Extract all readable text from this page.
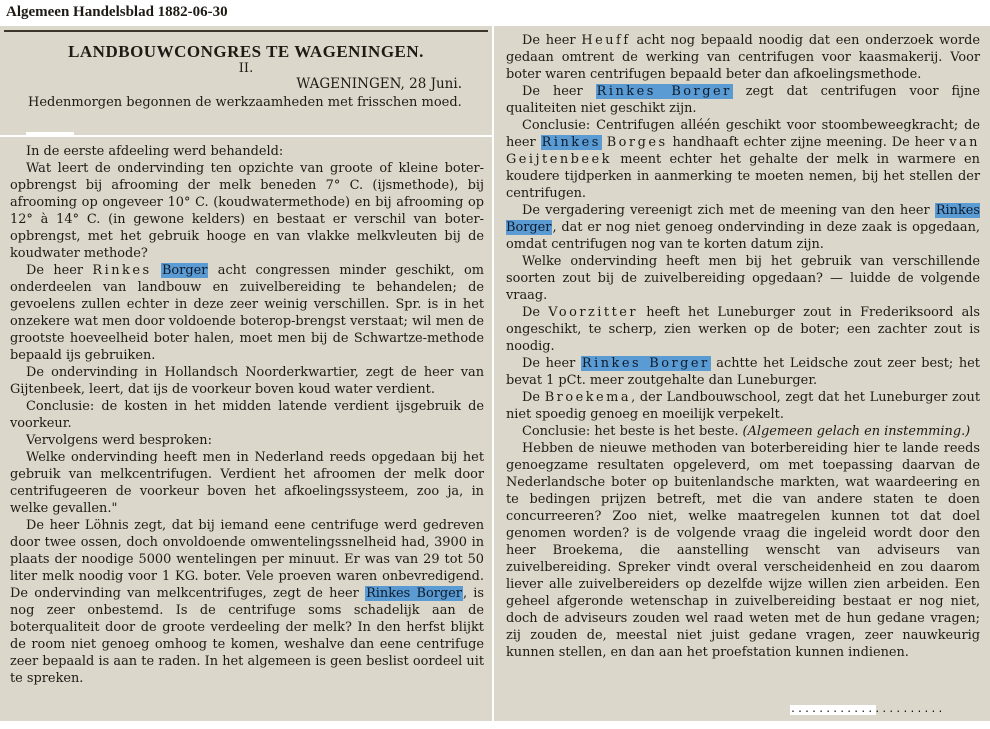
Algemeen Handelsblad 1882-06-30
LANDBOUWCONGRES TE WAGENINGEN.
II.
WAGENINGEN, 28 Juni.
Hedenmorgen begonnen de werkzaamheden met frisschen moed.

In de eerste afdeeling werd behandeld:

Wat leert de ondervinding ten opzichte van groote of kleine boter-opbrengst bij afrooming der melk beneden 7° C. (ijsmethode), bij afrooming op ongeveer 10° C. (koudwatermethode) en bij afrooming op 12° à 14° C. (in gewone kelders) en bestaat er verschil van boter-opbrengst, met het gebruik hooge en van vlakke melkvleuten bij de koudwater methode?

De heer Rinkes Borger acht congressen minder geschikt, om onderdeelen van landbouw en zuivelbereiding te behandelen; de gevoelens zullen echter in deze zeer weinig verschillen. Spr. is in het onzekere wat men door voldoende boterop-brengst verstaat; wil men de grootste hoeveelheid boter halen, moet men bij de Schwartze-methode bepaald ijs gebruiken.

De ondervinding in Hollandsch Noorderkwartier, zegt de heer van Gijtenbeek, leert, dat ijs de voorkeur boven koud water verdient.

Conclusie: de kosten in het midden latende verdient ijsgebruik de voorkeur.

Vervolgens werd besproken:

Welke ondervinding heeft men in Nederland reeds opgedaan bij het gebruik van melkcentrifugen. Verdient het afroomen der melk door centrifugeeren de voorkeur boven het afkoelingssysteem, zoo ja, in welke gevallen."

De heer Löhnis zegt, dat bij iemand eene centrifuge werd gedreven door twee ossen, doch onvoldoende omwentelingssnelheid had, 3900 in plaats der noodige 5000 wentelingen per minuut. Er was van 29 tot 50 liter melk noodig voor 1 KG. boter. Vele proeven waren onbevredigend. De ondervinding van melkcentrifuges, zegt de heer Rinkes Borger, is nog zeer onbestemd. Is de centrifuge soms schadelijk aan de boterqualiteit door de groote verdeeling der melk? In den herfst blijkt de room niet genoeg omhoog te komen, weshalve dan eene centrifuge zeer bepaald is aan te raden. In het algemeen is geen beslist oordeel uit te spreken.

De heer Heuff acht nog bepaald noodig dat een onderzoek worde gedaan omtrent de werking van centrifugen voor kaasmakerij. Voor boter waren centrifugen bepaald beter dan afkoelingsmethode.

De heer Rinkes Borger zegt dat centrifugen voor fijne qualiteiten niet geschikt zijn.

Conclusie: Centrifugen alléén geschikt voor stoombeweegkracht; de heer Rinkes Borges handhaaft echter zijne meening. De heer van Geijtenbeek meent echter het gehalte der melk in warmere en koudere tijdperken in aanmerking te moeten nemen, bij het stellen der centrifugen.

De vergadering vereenigt zich met de meening van den heer Rinkes Borger, dat er nog niet genoeg ondervinding in deze zaak is opgedaan, omdat centrifugen nog van te korten datum zijn.

Welke ondervinding heeft men bij het gebruik van verschillende soorten zout bij de zuivelbereiding opgedaan? — luidde de volgende vraag.

De Voorzitter heeft het Luneburger zout in Frederiksoord als ongeschikt, te scherp, zien werken op de boter; een zachter zout is noodig.

De heer Rinkes Borger achtte het Leidsche zout zeer best; het bevat 1 pCt. meer zoutgehalte dan Luneburger.

De Broekema, der Landbouwschool, zegt dat het Luneburger zout niet spoedig genoeg en moeilijk verpekelt.

Conclusie: het beste is het beste. (Algemeen gelach en instemming.)

Hebben de nieuwe methoden van boterbereiding hier te lande reeds genoegzame resultaten opgeleverd, om met toepassing daarvan de Nederlandsche boter op buitenlandsche markten, wat waardeering en te bedingen prijzen betreft, met die van andere staten te doen concurreeren? Zoo niet, welke maatregelen kunnen tot dat doel genomen worden? is de volgende vraag die ingeleid wordt door den heer Broekema, die aanstelling wenscht van adviseurs van zuivelbereiding. Spreker vindt overal verscheidenheid en zou daarom liever alle zuivelbereiders op dezelfde wijze willen zien arbeiden. Een geheel afgeronde wetenschap in zuivelbereiding bestaat er nog niet, doch de adviseurs zouden wel raad weten met de hun gedane vragen; zij zouden de, meestal niet juist gedane vragen, zeer nauwkeurig kunnen stellen, en dan aan het proefstation kunnen indienen.

......................
